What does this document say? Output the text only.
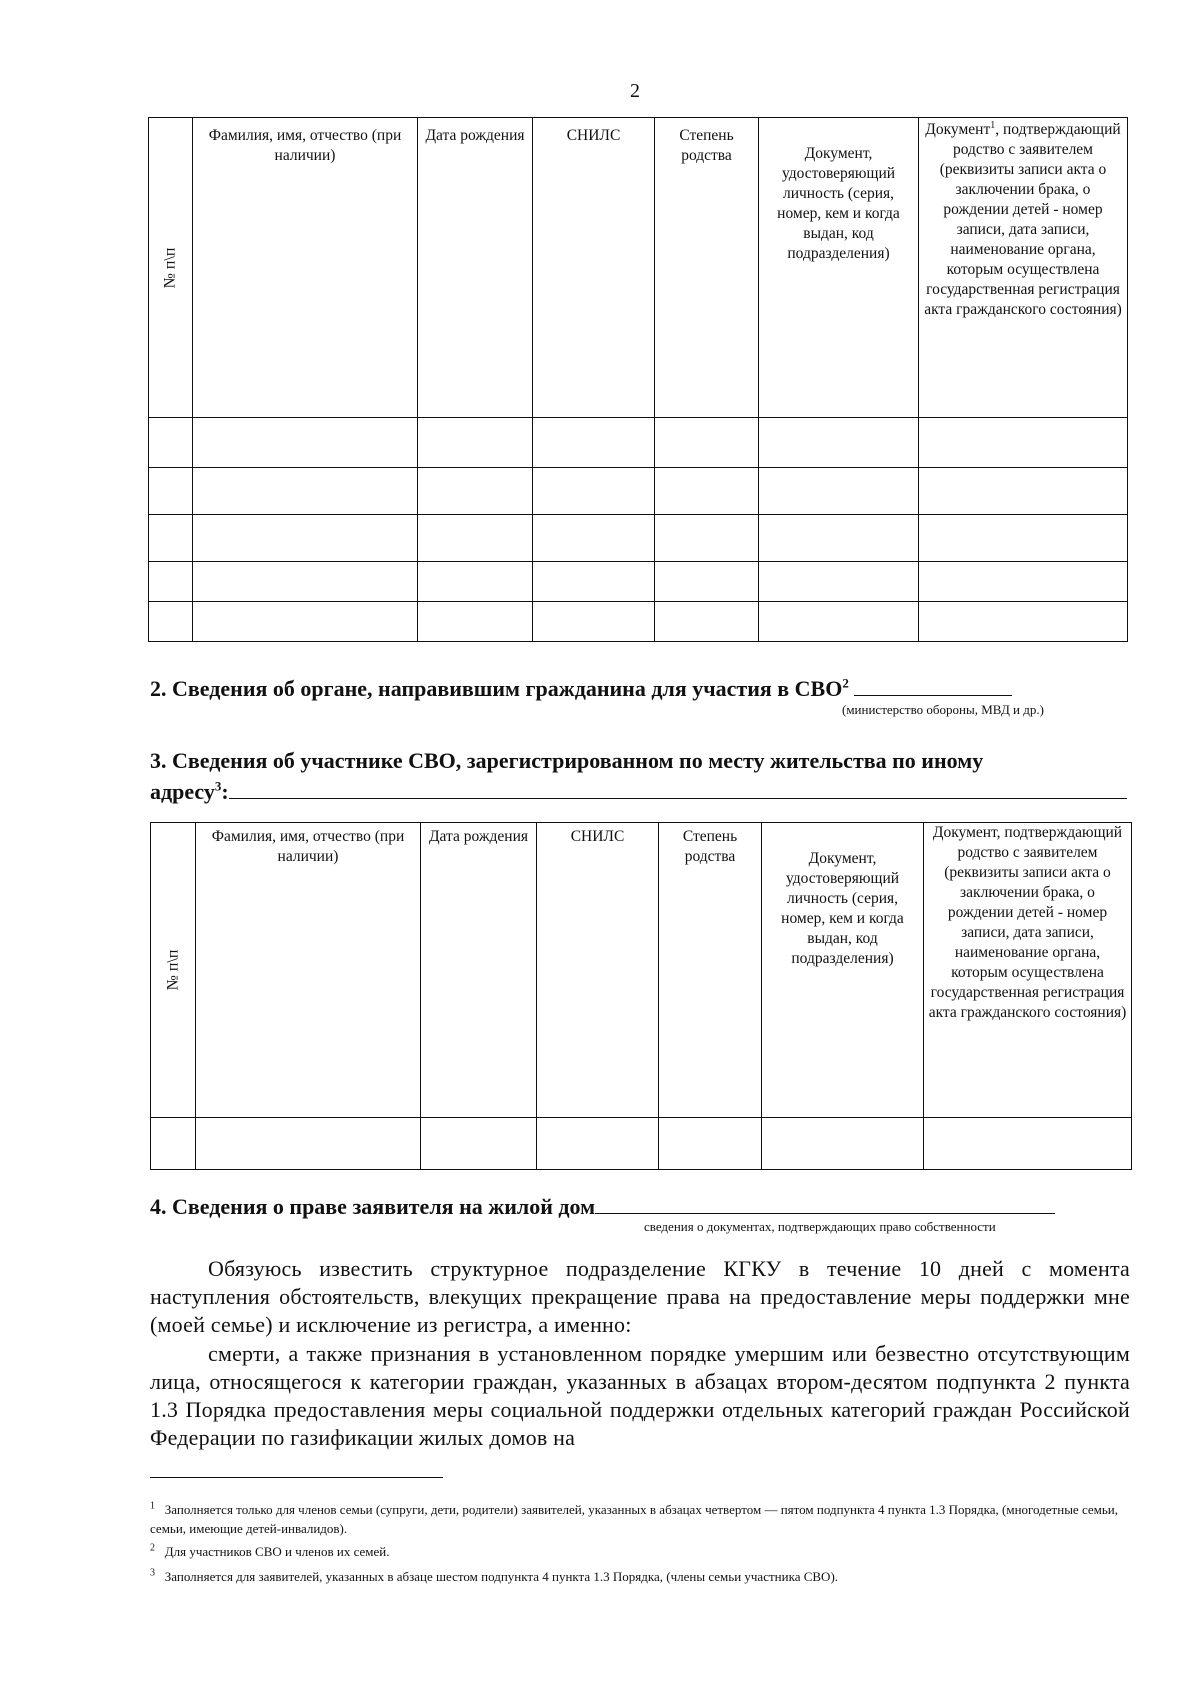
2
№ п\п	Фамилия, имя, отчество (при наличии)	Дата рождения	СНИЛС	Степень родства	Документ, удостоверяющий личность (серия, номер, кем и когда выдан, код подразделения)	Документ$^1$, подтверждающий родство с заявителем (реквизиты записи акта о заключении брака, о рождении детей - номер записи, дата записи, наименование органа, которым осуществлена государственная регистрация акта гражданского состояния)

2. Сведения об органе, направившим гражданина для участия в СВО$^2$
(министерство обороны, МВД и др.)
3. Сведения об участнике СВО, зарегистрированном по месту жительства по иному
адресу$^3$:
№ п\п	Фамилия, имя, отчество (при наличии)	Дата рождения	СНИЛС	Степень родства	Документ, удостоверяющий личность (серия, номер, кем и когда выдан, код подразделения)	Документ, подтверждающий родство с заявителем (реквизиты записи акта о заключении брака, о рождении детей - номер записи, дата записи, наименование органа, которым осуществлена государственная регистрация акта гражданского состояния)

4. Сведения о праве заявителя на жилой дом
сведения о документах, подтверждающих право собственности
Обязуюсь известить структурное подразделение КГКУ в течение 10 дней с момента наступления обстоятельств, влекущих прекращение права на предоставление меры поддержки мне (моей семье) и исключение из регистра, а именно:
смерти, а также признания в установленном порядке умершим или безвестно отсутствующим лица, относящегося к категории граждан, указанных в абзацах втором-десятом подпункта 2 пункта 1.3 Порядка предоставления меры социальной поддержки отдельных категорий граждан Российской Федерации по газификации жилых домов на
$^1$ Заполняется только для членов семьи (супруги, дети, родители) заявителей, указанных в абзацах четвертом — пятом подпункта 4 пункта 1.3 Порядка, (многодетные семьи, семьи, имеющие детей-инвалидов).
$^2$ Для участников СВО и членов их семей.
$^3$ Заполняется для заявителей, указанных в абзаце шестом подпункта 4 пункта 1.3 Порядка, (члены семьи участника СВО).
